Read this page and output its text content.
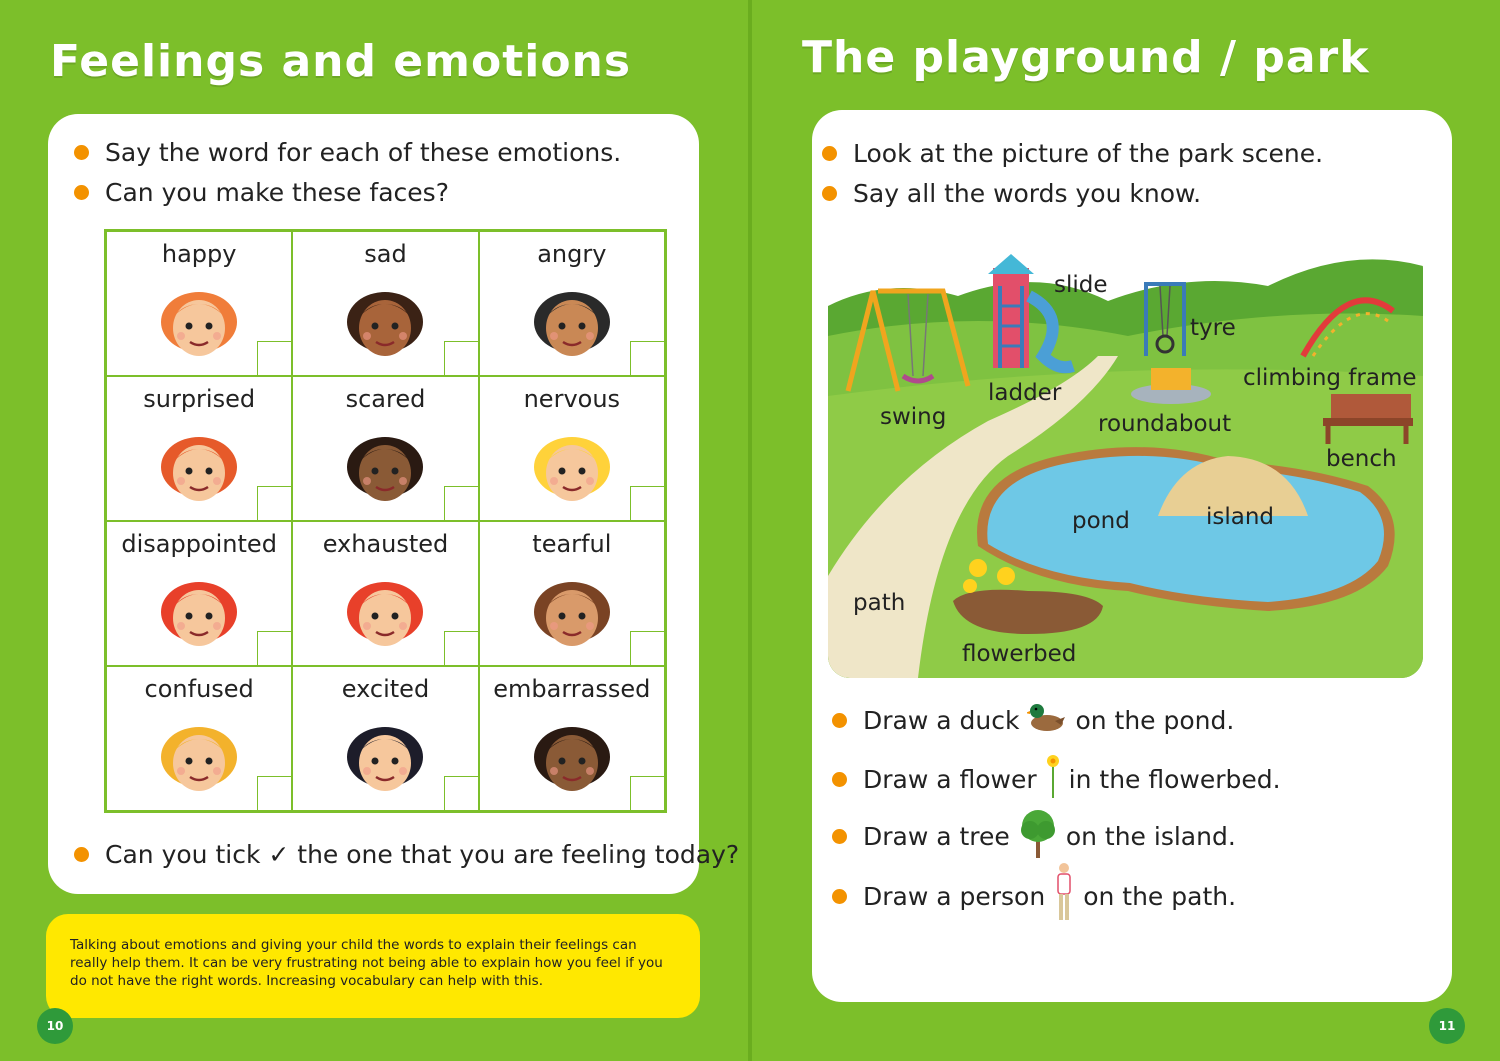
Feelings and emotions
Say the word for each of these emotions.
Can you make these faces?
happy	sad	angry
surprised	scared	nervous
disappointed	exhausted	tearful
confused	excited	embarrassed
Can you tick ✓ the one that you are feeling today?

Talking about emotions and giving your child the words to explain their feelings can really help them. It can be very frustrating not being able to explain how you feel if you do not have the right words. Increasing vocabulary can help with this.

10
The playground / park
Look at the picture of the park scene.
Say all the words you know.
slide
tyre
climbing frame
ladder
swing	roundabout
bench
pond	island
path
flowerbed
Draw a duck on the pond.
Draw a flower in the flowerbed.
Draw a tree on the island.
Draw a person on the path.
11
